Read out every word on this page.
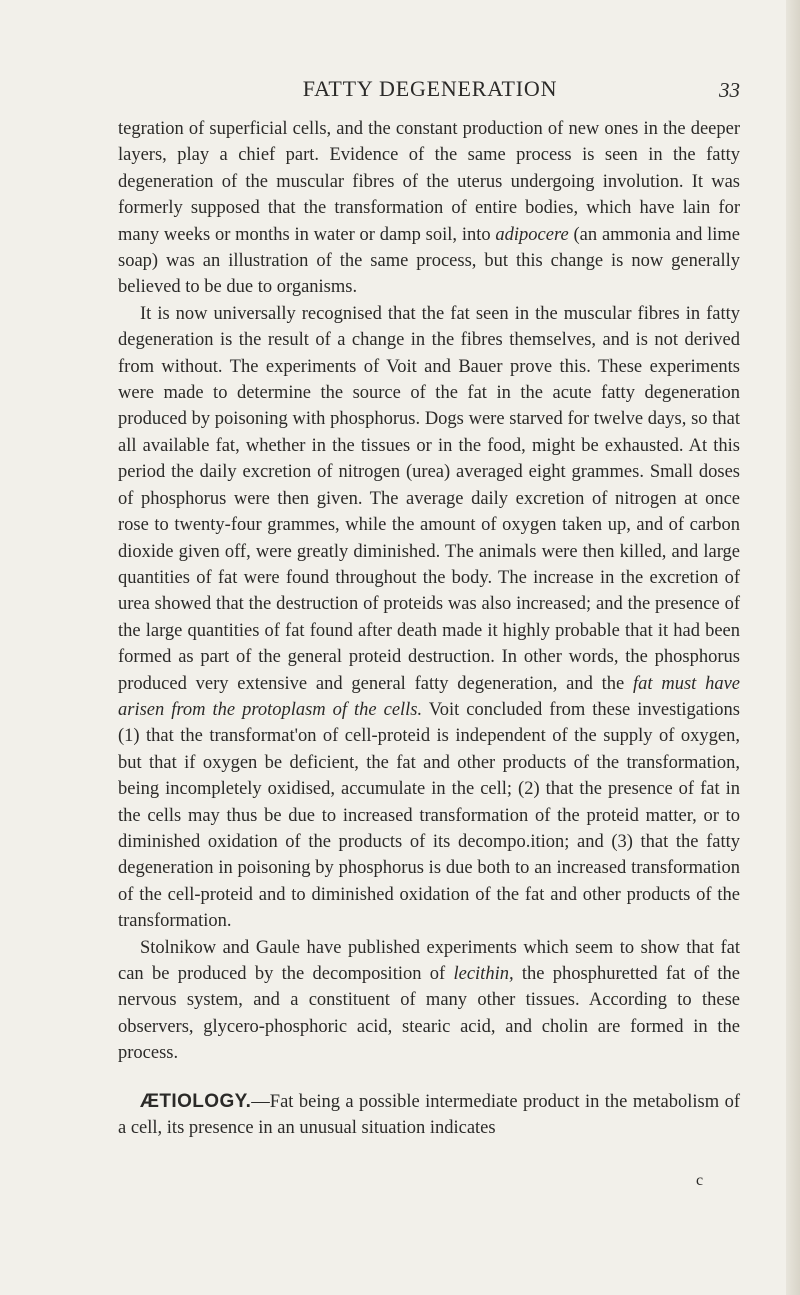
FATTY DEGENERATION	33

tegration of superficial cells, and the constant production of new ones in the deeper layers, play a chief part. Evidence of the same process is seen in the fatty degeneration of the muscular fibres of the uterus undergoing involution. It was formerly supposed that the transformation of entire bodies, which have lain for many weeks or months in water or damp soil, into adipocere (an ammonia and lime soap) was an illustration of the same process, but this change is now generally believed to be due to organisms.

It is now universally recognised that the fat seen in the muscular fibres in fatty degeneration is the result of a change in the fibres themselves, and is not derived from without. The experiments of Voit and Bauer prove this. These experiments were made to determine the source of the fat in the acute fatty degeneration produced by poisoning with phosphorus. Dogs were starved for twelve days, so that all available fat, whether in the tissues or in the food, might be exhausted. At this period the daily excretion of nitrogen (urea) averaged eight grammes. Small doses of phosphorus were then given. The average daily excretion of nitrogen at once rose to twenty-four grammes, while the amount of oxygen taken up, and of carbon dioxide given off, were greatly diminished. The animals were then killed, and large quantities of fat were found throughout the body. The increase in the excretion of urea showed that the destruction of proteids was also increased; and the presence of the large quantities of fat found after death made it highly probable that it had been formed as part of the general proteid destruction. In other words, the phosphorus produced very extensive and general fatty degeneration, and the fat must have arisen from the protoplasm of the cells. Voit concluded from these investigations (1) that the transformat'on of cell-proteid is independent of the supply of oxygen, but that if oxygen be deficient, the fat and other products of the transformation, being incompletely oxidised, accumulate in the cell; (2) that the presence of fat in the cells may thus be due to increased transformation of the proteid matter, or to diminished oxidation of the products of its decompo.ition; and (3) that the fatty degeneration in poisoning by phosphorus is due both to an increased transformation of the cell-proteid and to diminished oxidation of the fat and other products of the transformation.

Stolnikow and Gaule have published experiments which seem to show that fat can be produced by the decomposition of lecithin, the phosphuretted fat of the nervous system, and a constituent of many other tissues. According to these observers, glycero-phosphoric acid, stearic acid, and cholin are formed in the process.

ÆTIOLOGY.—Fat being a possible intermediate product in the metabolism of a cell, its presence in an unusual situation indicates

c
